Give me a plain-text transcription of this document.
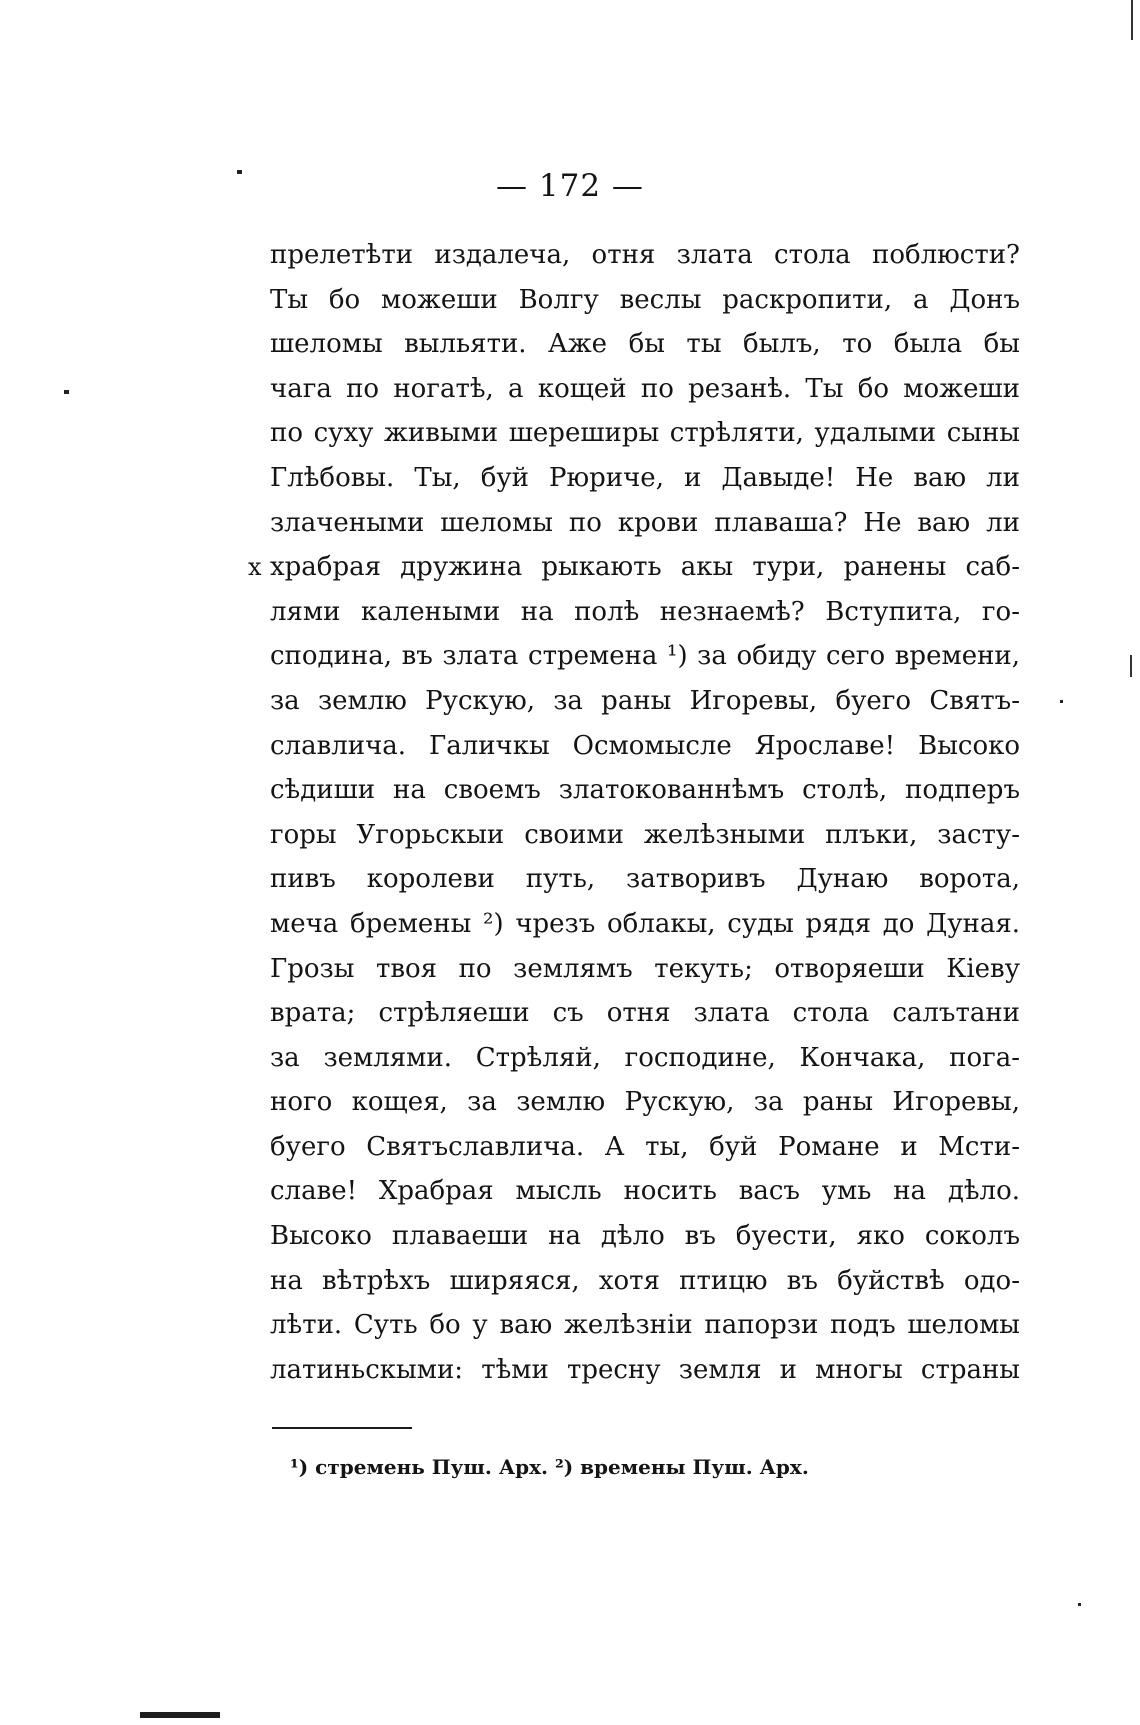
— 172 —
прелетѣти издалеча, отня злата стола поблюсти?
Ты бо можеши Волгу веслы раскропити, а Донъ
шеломы выльяти. Аже бы ты былъ, то была бы
чага по ногатѣ, а кощей по резанѣ. Ты бо можеши
по суху живыми шереширы стрѣляти, удалыми сыны
Глѣбовы. Ты, буй Рюриче, и Давыде! Не ваю ли
злачеными шеломы по крови плаваша? Не ваю ли
х храбрая дружина рыкають акы тури, ранены саб-
лями калеными на полѣ незнаемѣ? Вступита, го-
сподина, въ злата стремена ¹) за обиду сего времени,
за землю Рускую, за раны Игоревы, буего Святъ-
славлича. Галичкы Осмомысле Ярославе! Высоко
сѣдиши на своемъ златокованнѣмъ столѣ, подперъ
горы Угорьскыи своими желѣзными плъки, засту-
пивъ королеви путь, затворивъ Дунаю ворота,
меча бремены ²) чрезъ облакы, суды рядя до Дуная.
Грозы твоя по землямъ текуть; отворяеши Кіеву
врата; стрѣляеши съ отня злата стола салътани
за землями. Стрѣляй, господине, Кончака, пога-
ного кощея, за землю Рускую, за раны Игоревы,
буего Святъславлича. А ты, буй Романе и Мсти-
славе! Храбрая мысль носить васъ умь на дѣло.
Высоко плаваеши на дѣло въ буести, яко соколъ
на вѣтрѣхъ ширяяся, хотя птицю въ буйствѣ одо-
лѣти. Суть бо у ваю желѣзніи папорзи подъ шеломы
латиньскыми: тѣми тресну земля и многы страны
¹) стремень Пуш. Арх. ²) времены Пуш. Арх.
